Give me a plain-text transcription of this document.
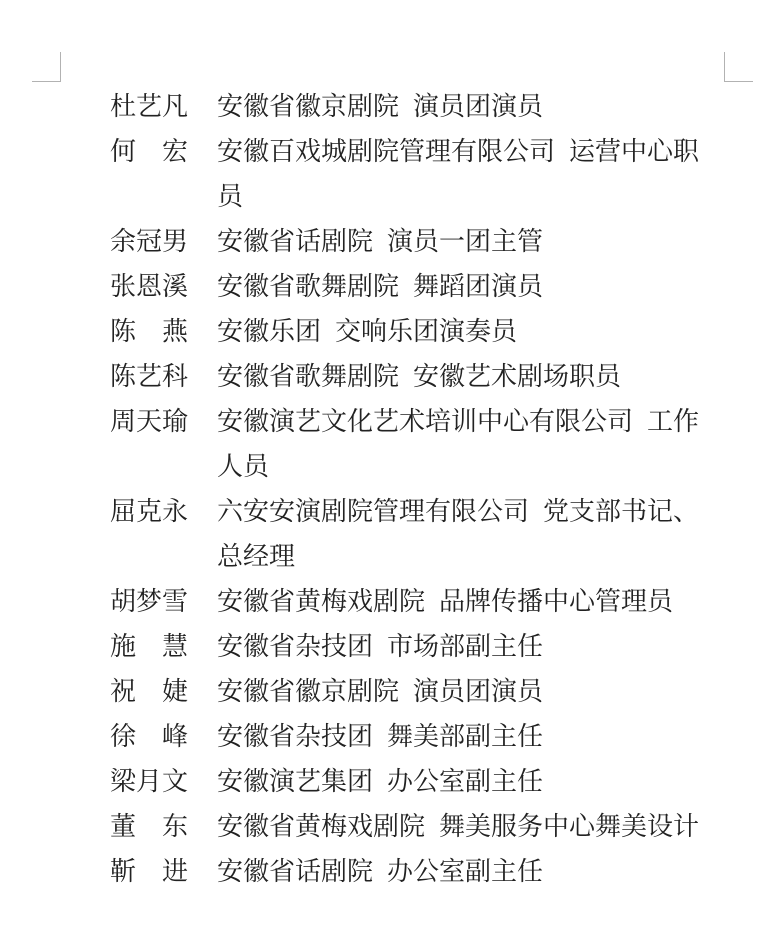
杜艺凡	安徽省徽京剧院 演员团演员
何　宏	安徽百戏城剧院管理有限公司 运营中心职员
余冠男	安徽省话剧院 演员一团主管
张恩溪	安徽省歌舞剧院 舞蹈团演员
陈　燕	安徽乐团 交响乐团演奏员
陈艺科	安徽省歌舞剧院 安徽艺术剧场职员
周天瑜	安徽演艺文化艺术培训中心有限公司 工作人员
屈克永	六安安演剧院管理有限公司 党支部书记、总经理
胡梦雪	安徽省黄梅戏剧院 品牌传播中心管理员
施　慧	安徽省杂技团 市场部副主任
祝　婕	安徽省徽京剧院 演员团演员
徐　峰	安徽省杂技团 舞美部副主任
梁月文	安徽演艺集团 办公室副主任
董　东	安徽省黄梅戏剧院 舞美服务中心舞美设计
靳　进	安徽省话剧院 办公室副主任
